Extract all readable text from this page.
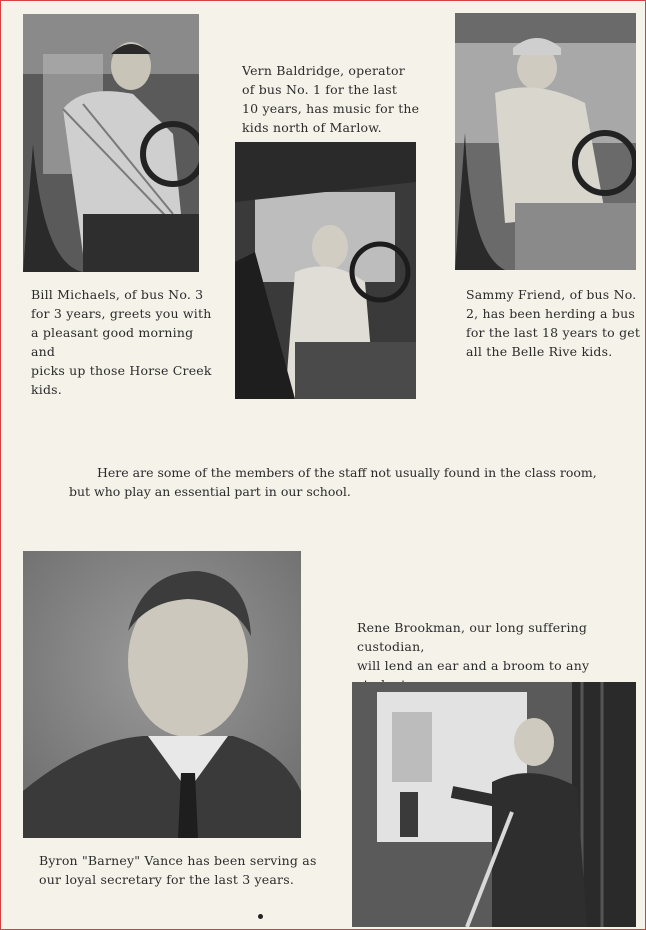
Vern Baldridge, operator
of bus No. 1 for the last
10 years, has music for the
kids north of Marlow.
Bill Michaels, of bus No. 3
for 3 years, greets you with
a pleasant good morning and
picks up those Horse Creek
kids.
Sammy Friend, of bus No.
2, has been herding a bus
for the last 18 years to get
all the Belle Rive kids.
Here are some of the members of the staff not usually found in the class room, but who play an essential part in our school.
Rene Brookman, our long suffering custodian,
will lend an ear and a broom to any

Byron "Barney" Vance has been serving as
our loyal secretary for the last 3 years.
